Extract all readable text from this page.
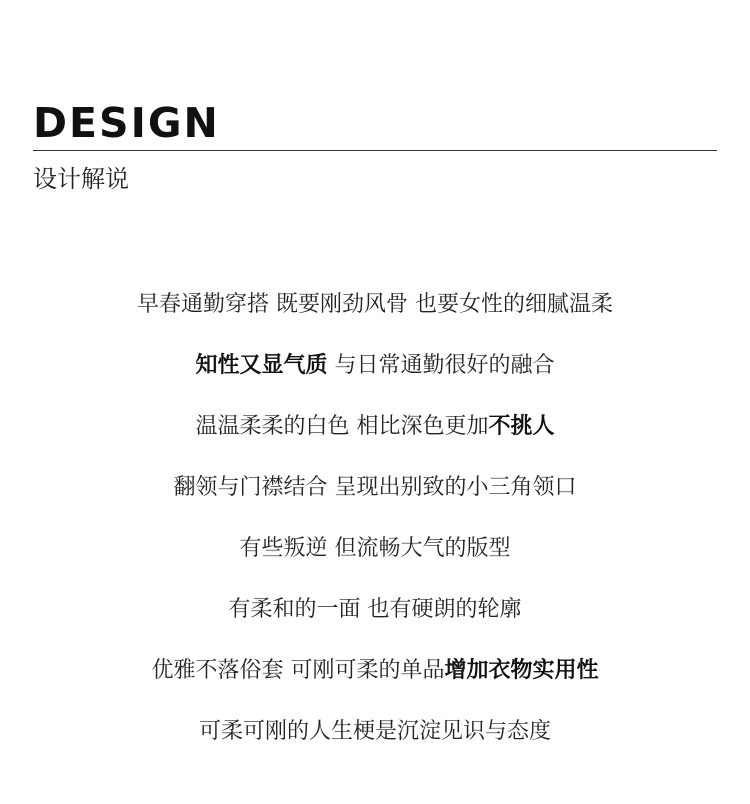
DESIGN
设计解说
早春通勤穿搭 既要刚劲风骨 也要女性的细腻温柔
知性又显气质 与日常通勤很好的融合
温温柔柔的白色 相比深色更加不挑人
翻领与门襟结合 呈现出别致的小三角领口
有些叛逆 但流畅大气的版型
有柔和的一面 也有硬朗的轮廓
优雅不落俗套 可刚可柔的单品增加衣物实用性
可柔可刚的人生梗是沉淀见识与态度
